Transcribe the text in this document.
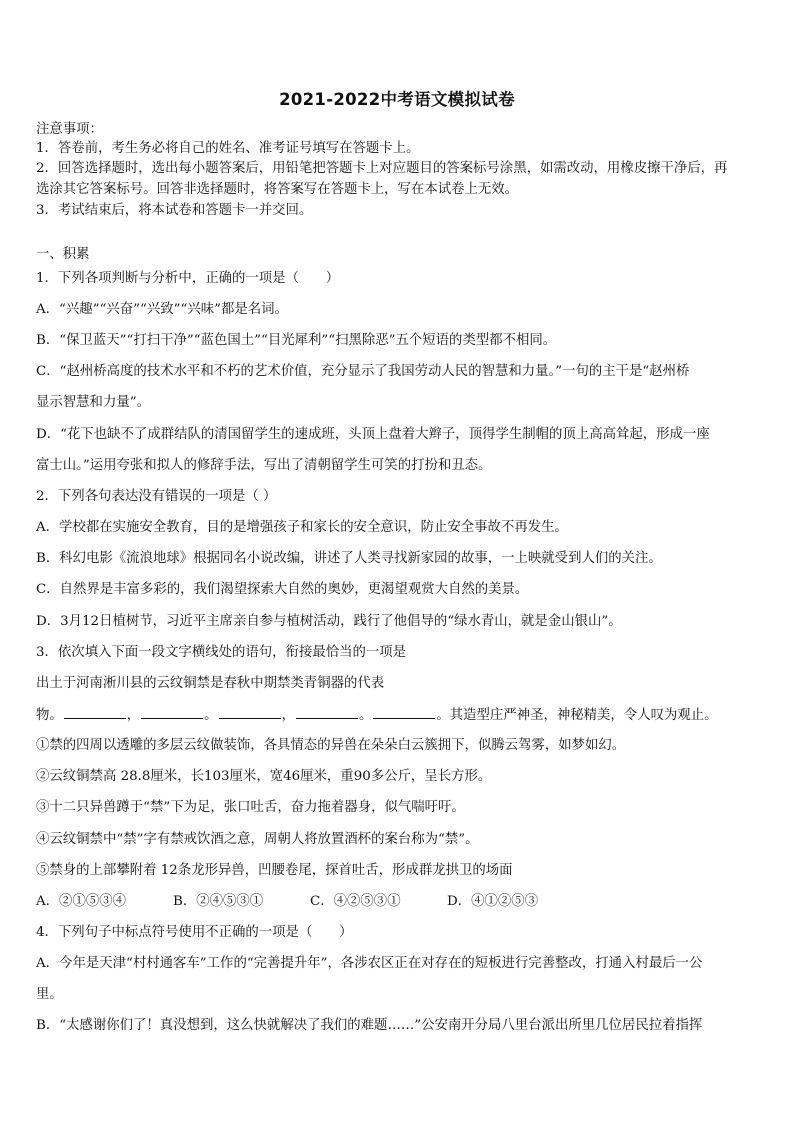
2021-2022中考语文模拟试卷
注意事项：
1．答卷前，考生务必将自己的姓名、准考证号填写在答题卡上。
2．回答选择题时，选出每小题答案后，用铅笔把答题卡上对应题目的答案标号涂黑，如需改动，用橡皮擦干净后，再
选涂其它答案标号。回答非选择题时，将答案写在答题卡上，写在本试卷上无效。
3．考试结束后，将本试卷和答题卡一并交回。
一、积累
1．下列各项判断与分析中，正确的一项是（　　）
A．“兴趣”“兴奋”“兴致”“兴味”都是名词。
B．“保卫蓝天”“打扫干净”“蓝色国土”“目光犀利”“扫黑除恶”五个短语的类型都不相同。
C．“赵州桥高度的技术水平和不朽的艺术价值，充分显示了我国劳动人民的智慧和力量。”一句的主干是“赵州桥
显示智慧和力量”。
D．“花下也缺不了成群结队的清国留学生的速成班，头顶上盘着大辫子，顶得学生制帽的顶上高高耸起，形成一座
富士山。”运用夸张和拟人的修辞手法，写出了清朝留学生可笑的打扮和丑态。
2．下列各句表达没有错误的一项是（ ）
A．学校都在实施安全教育，目的是增强孩子和家长的安全意识，防止安全事故不再发生。
B．科幻电影《流浪地球》根据同名小说改编，讲述了人类寻找新家园的故事，一上映就受到人们的关注。
C．自然界是丰富多彩的，我们渴望探索大自然的奥妙，更渴望观赏大自然的美景。
D．3月12日植树节，习近平主席亲自参与植树活动，践行了他倡导的“绿水青山，就是金山银山”。
3．依次填入下面一段文字横线处的语句，衔接最恰当的一项是
出土于河南淅川县的云纹铜禁是春秋中期禁类青铜器的代表
物。	，	。	，	。	。其造型庄严神圣，神秘精美，令人叹为观止。
①禁的四周以透雕的多层云纹做装饰，各具情态的异兽在朵朵白云簇拥下，似腾云驾雾，如梦如幻。
②云纹铜禁高 28.8厘米，长103厘米，宽46厘米，重90多公斤，呈长方形。
③十二只异兽蹲于“禁”下为足，张口吐舌，奋力拖着器身，似气喘吁吁。
④云纹铜禁中“禁”字有禁戒饮酒之意，周朝人将放置酒杯的案台称为“禁”。
⑤禁身的上部攀附着 12条龙形异兽，凹腰卷尾，探首吐舌，形成群龙拱卫的场面
A．②①⑤③④	B．②④⑤③①	C．④②⑤③①	D．④①②⑤③
4．下列句子中标点符号使用不正确的一项是（　　）
A．今年是天津“村村通客车”工作的“完善提升年”，各涉农区正在对存在的短板进行完善整改，打通入村最后一公
里。
B．“太感谢你们了！真没想到，这么快就解决了我们的难题……”公安南开分局八里台派出所里几位居民拉着指挥
